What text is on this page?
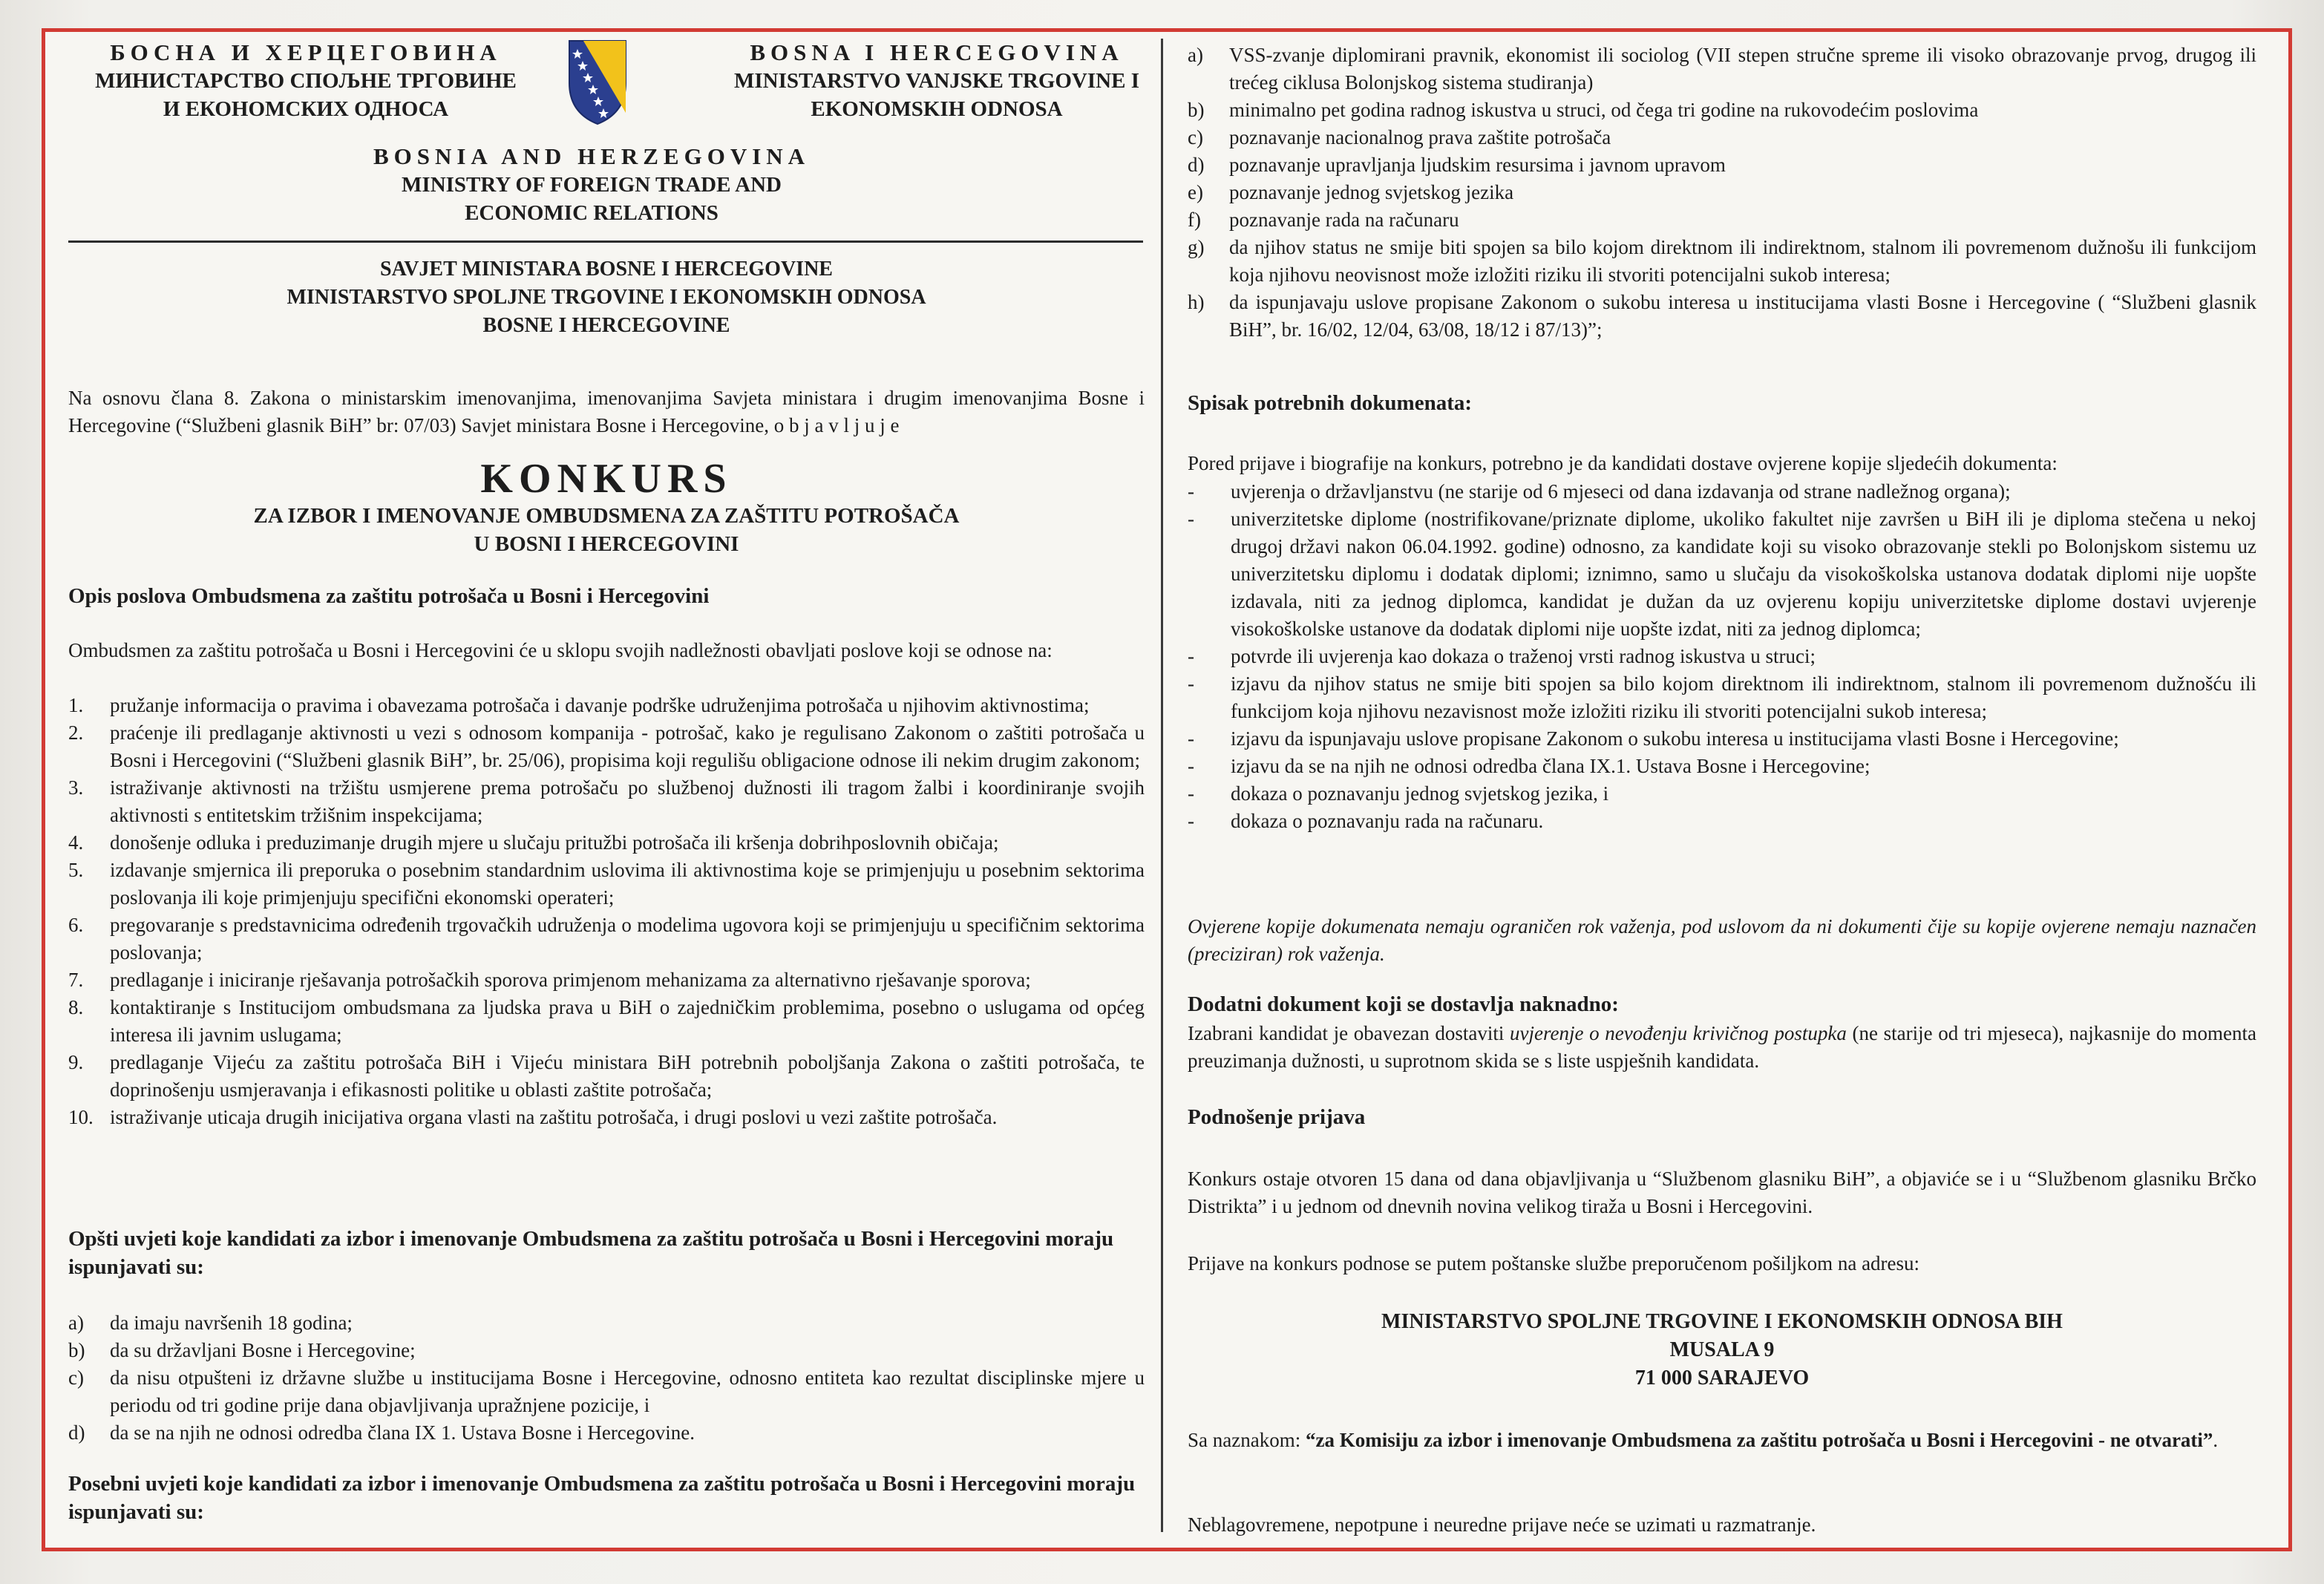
БОСНА И ХЕРЦЕГОВИНА
МИНИСТАРСТВО СПОЉНЕ ТРГОВИНЕ
И ЕКОНОМСКИХ ОДНОСА
BOSNA I HERCEGOVINA
MINISTARSTVO VANJSKE TRGOVINE I
EKONOMSKIH ODNOSA
BOSNIA AND HERZEGOVINA
MINISTRY OF FOREIGN TRADE AND
ECONOMIC RELATIONS
SAVJET MINISTARA BOSNE I HERCEGOVINE
MINISTARSTVO SPOLJNE TRGOVINE I EKONOMSKIH ODNOSA
BOSNE I HERCEGOVINE
Na osnovu člana 8. Zakona o ministarskim imenovanjima, imenovanjima Savjeta ministara i drugim imenovanjima Bosne i Hercegovine (“Službeni glasnik BiH” br: 07/03) Savjet ministara Bosne i Hercegovine, o b j a v l j u j e
KONKURS
ZA IZBOR I IMENOVANJE OMBUDSMENA ZA ZAŠTITU POTROŠAČA
U BOSNI I HERCEGOVINI
Opis poslova Ombudsmena za zaštitu potrošača u Bosni i Hercegovini
Ombudsmen za zaštitu potrošača u Bosni i Hercegovini će u sklopu svojih nadležnosti obavljati poslove koji se odnose na:
1. pružanje informacija o pravima i obavezama potrošača i davanje podrške udruženjima potrošača u njihovim aktivnostima;
2. praćenje ili predlaganje aktivnosti u vezi s odnosom kompanija - potrošač, kako je regulisano Zakonom o zaštiti potrošača u Bosni i Hercegovini (“Službeni glasnik BiH”, br. 25/06), propisima koji regulišu obligacione odnose ili nekim drugim zakonom;
3. istraživanje aktivnosti na tržištu usmjerene prema potrošaču po službenoj dužnosti ili tragom žalbi i koordiniranje svojih aktivnosti s entitetskim tržišnim inspekcijama;
4. donošenje odluka i preduzimanje drugih mjere u slučaju pritužbi potrošača ili kršenja dobrihposlovnih običaja;
5. izdavanje smjernica ili preporuka o posebnim standardnim uslovima ili aktivnostima koje se primjenjuju u posebnim sektorima poslovanja ili koje primjenjuju specifični ekonomski operateri;
6. pregovaranje s predstavnicima određenih trgovačkih udruženja o modelima ugovora koji se primjenjuju u specifičnim sektorima poslovanja;
7. predlaganje i iniciranje rješavanja potrošačkih sporova primjenom mehanizama za alternativno rješavanje sporova;
8. kontaktiranje s Institucijom ombudsmana za ljudska prava u BiH o zajedničkim problemima, posebno o uslugama od općeg interesa ili javnim uslugama;
9. predlaganje Vijeću za zaštitu potrošača BiH i Vijeću ministara BiH potrebnih poboljšanja Zakona o zaštiti potrošača, te doprinošenju usmjeravanja i efikasnosti politike u oblasti zaštite potrošača;
10. istraživanje uticaja drugih inicijativa organa vlasti na zaštitu potrošača, i drugi poslovi u vezi zaštite potrošača.
Opšti uvjeti koje kandidati za izbor i imenovanje Ombudsmena za zaštitu potrošača u Bosni i Hercegovini moraju ispunjavati su:
a) da imaju navršenih 18 godina;
b) da su državljani Bosne i Hercegovine;
c) da nisu otpušteni iz državne službe u institucijama Bosne i Hercegovine, odnosno entiteta kao rezultat disciplinske mjere u periodu od tri godine prije dana objavljivanja upražnjene pozicije, i
d) da se na njih ne odnosi odredba člana IX 1. Ustava Bosne i Hercegovine.
Posebni uvjeti koje kandidati za izbor i imenovanje Ombudsmena za zaštitu potrošača u Bosni i Hercegovini moraju ispunjavati su:
a) VSS-zvanje diplomirani pravnik, ekonomist ili sociolog (VII stepen stručne spreme ili visoko obrazovanje prvog, drugog ili trećeg ciklusa Bolonjskog sistema studiranja)
b) minimalno pet godina radnog iskustva u struci, od čega tri godine na rukovodećim poslovima
c) poznavanje nacionalnog prava zaštite potrošača
d) poznavanje upravljanja ljudskim resursima i javnom upravom
e) poznavanje jednog svjetskog jezika
f) poznavanje rada na računaru
g) da njihov status ne smije biti spojen sa bilo kojom direktnom ili indirektnom, stalnom ili povremenom dužnošu ili funkcijom koja njihovu neovisnost može izložiti riziku ili stvoriti potencijalni sukob interesa;
h) da ispunjavaju uslove propisane Zakonom o sukobu interesa u institucijama vlasti Bosne i Hercegovine ( “Službeni glasnik BiH”, br. 16/02, 12/04, 63/08, 18/12 i 87/13)”;
Spisak potrebnih dokumenata:
Pored prijave i biografije na konkurs, potrebno je da kandidati dostave ovjerene kopije sljedećih dokumenta:
- uvjerenja o državljanstvu (ne starije od 6 mjeseci od dana izdavanja od strane nadležnog organa);
- univerzitetske diplome (nostrifikovane/priznate diplome, ukoliko fakultet nije završen u BiH ili je diploma stečena u nekoj drugoj državi nakon 06.04.1992. godine) odnosno, za kandidate koji su visoko obrazovanje stekli po Bolonjskom sistemu uz univerzitetsku diplomu i dodatak diplomi; iznimno, samo u slučaju da visokoškolska ustanova dodatak diplomi nije uopšte izdavala, niti za jednog diplomca, kandidat je dužan da uz ovjerenu kopiju univerzitetske diplome dostavi uvjerenje visokoškolske ustanove da dodatak diplomi nije uopšte izdat, niti za jednog diplomca;
- potvrde ili uvjerenja kao dokaza o traženoj vrsti radnog iskustva u struci;
- izjavu da njihov status ne smije biti spojen sa bilo kojom direktnom ili indirektnom, stalnom ili povremenom dužnošću ili funkcijom koja njihovu nezavisnost može izložiti riziku ili stvoriti potencijalni sukob interesa;
- izjavu da ispunjavaju uslove propisane Zakonom o sukobu interesa u institucijama vlasti Bosne i Hercegovine;
- izjavu da se na njih ne odnosi odredba člana IX.1. Ustava Bosne i Hercegovine;
- dokaza o poznavanju jednog svjetskog jezika, i
- dokaza o poznavanju rada na računaru.
Ovjerene kopije dokumenata nemaju ograničen rok važenja, pod uslovom da ni dokumenti čije su kopije ovjerene nemaju naznačen (preciziran) rok važenja.
Dodatni dokument koji se dostavlja naknadno:
Izabrani kandidat je obavezan dostaviti uvjerenje o nevođenju krivičnog postupka (ne starije od tri mjeseca), najkasnije do momenta preuzimanja dužnosti, u suprotnom skida se s liste uspješnih kandidata.
Podnošenje prijava
Konkurs ostaje otvoren 15 dana od dana objavljivanja u “Službenom glasniku BiH”, a objaviće se i u “Službenom glasniku Brčko Distrikta” i u jednom od dnevnih novina velikog tiraža u Bosni i Hercegovini.
Prijave na konkurs podnose se putem poštanske službe preporučenom pošiljkom na adresu:
MINISTARSTVO SPOLJNE TRGOVINE I EKONOMSKIH ODNOSA BIH
MUSALA 9
71 000 SARAJEVO
Sa naznakom: “za Komisiju za izbor i imenovanje Ombudsmena za zaštitu potrošača u Bosni i Hercegovini - ne otvarati”.
Neblagovremene, nepotpune i neuredne prijave neće se uzimati u razmatranje.
